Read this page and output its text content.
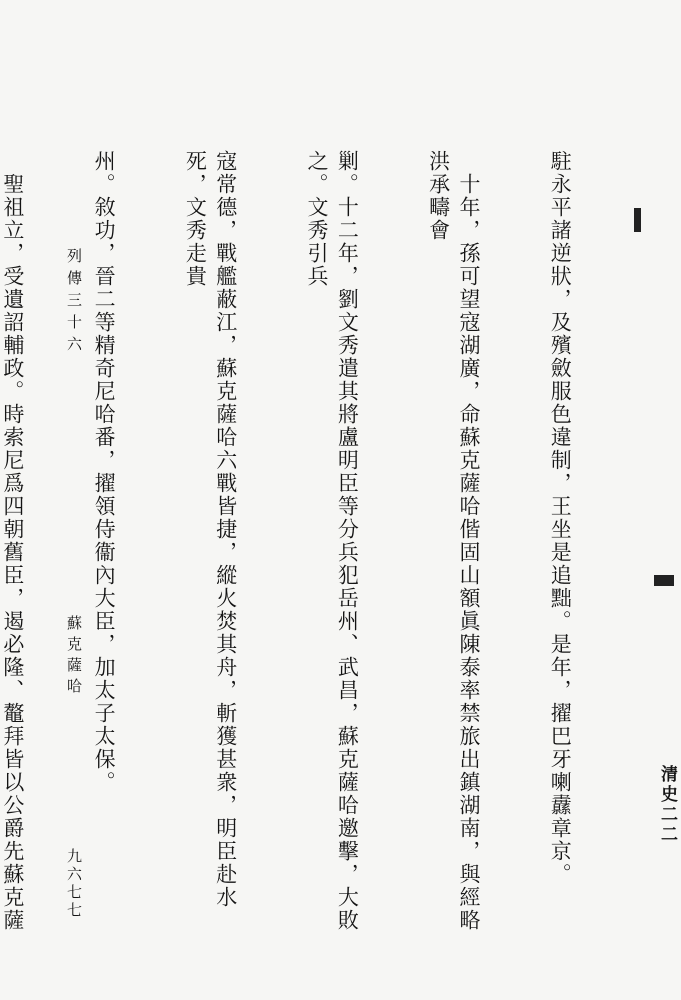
清史二二

駐永平諸逆狀，及殯斂服色違制，王坐是追黜。是年，擢巴牙喇纛章京。

　十年，孫可望寇湖廣，命蘇克薩哈偕固山額眞陳泰率禁旅出鎮湖南，與經略洪承疇會

剿。十二年，劉文秀遣其將盧明臣等分兵犯岳州、武昌，蘇克薩哈邀擊，大敗之。文秀引兵

寇常德，戰艦蔽江，蘇克薩哈六戰皆捷，縱火焚其舟，斬獲甚衆，明臣赴水死，文秀走貴

州。敘功，晉二等精奇尼哈番，擢領侍衞內大臣，加太子太保。

　聖祖立，受遺詔輔政。時索尼爲四朝舊臣，遏必隆、鼇拜皆以公爵先蘇克薩

列傳三十六
蘇克薩哈
九六七七
